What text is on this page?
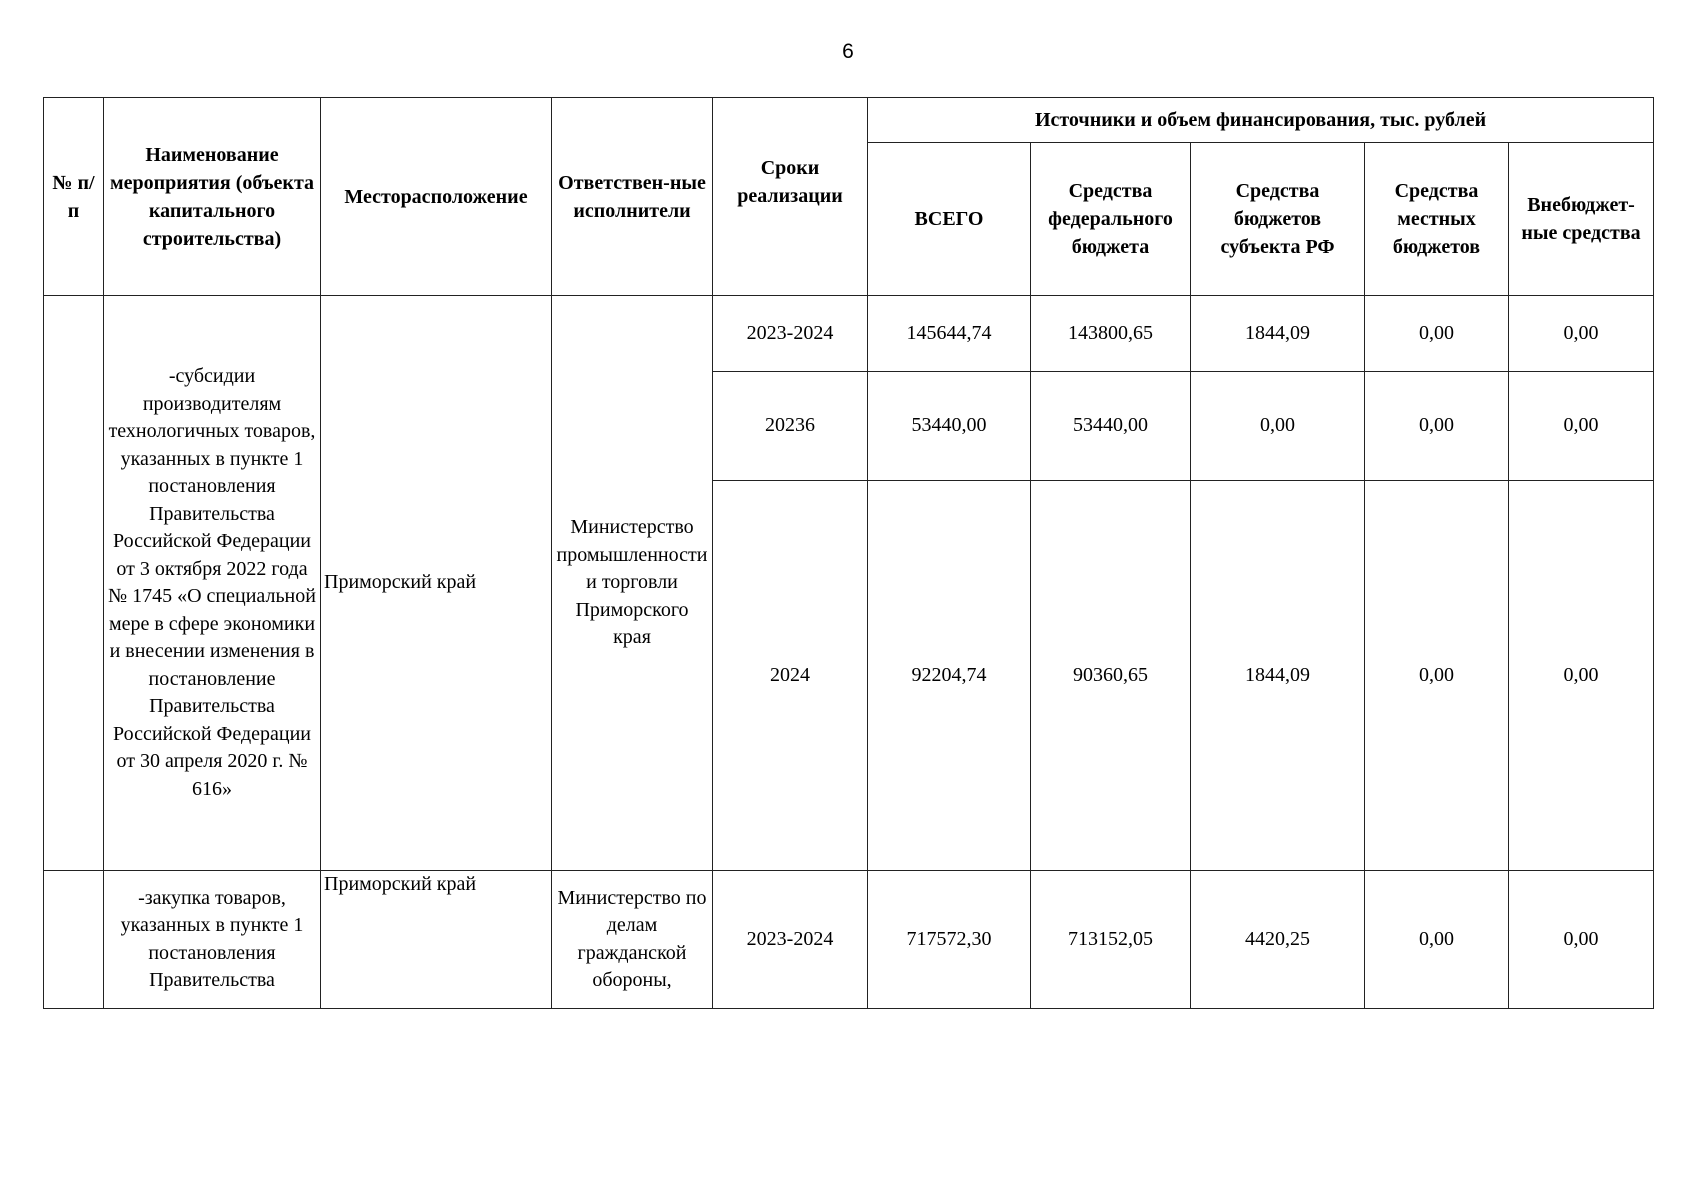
6
№ п/п	Наименование мероприятия (объекта капитального строительства)	Месторасположение	Ответствен-ные исполнители	Сроки реализации	Источники и объем финансирования, тыс. рублей				
					ВСЕГО	Средства федерального бюджета	Средства бюджетов субъекта РФ	Средства местных бюджетов	Внебюджет-ные средства
	-субсидии производителям технологичных товаров, указанных в пункте 1 постановления Правительства Российской Федерации от 3 октября 2022 года № 1745 «О специальной мере в сфере экономики и внесении изменения в постановление Правительства Российской Федерации от 30 апреля 2020 г. № 616»	Приморский край	Министерство промышленности и торговли Приморского края	2023-2024	145644,74	143800,65	1844,09	0,00	0,00
				20236	53440,00	53440,00	0,00	0,00	0,00
				2024	92204,74	90360,65	1844,09	0,00	0,00
	-закупка товаров, указанных в пункте 1 постановления Правительства	Приморский край	Министерство по делам гражданской обороны,	2023-2024	717572,30	713152,05	4420,25	0,00	0,00
